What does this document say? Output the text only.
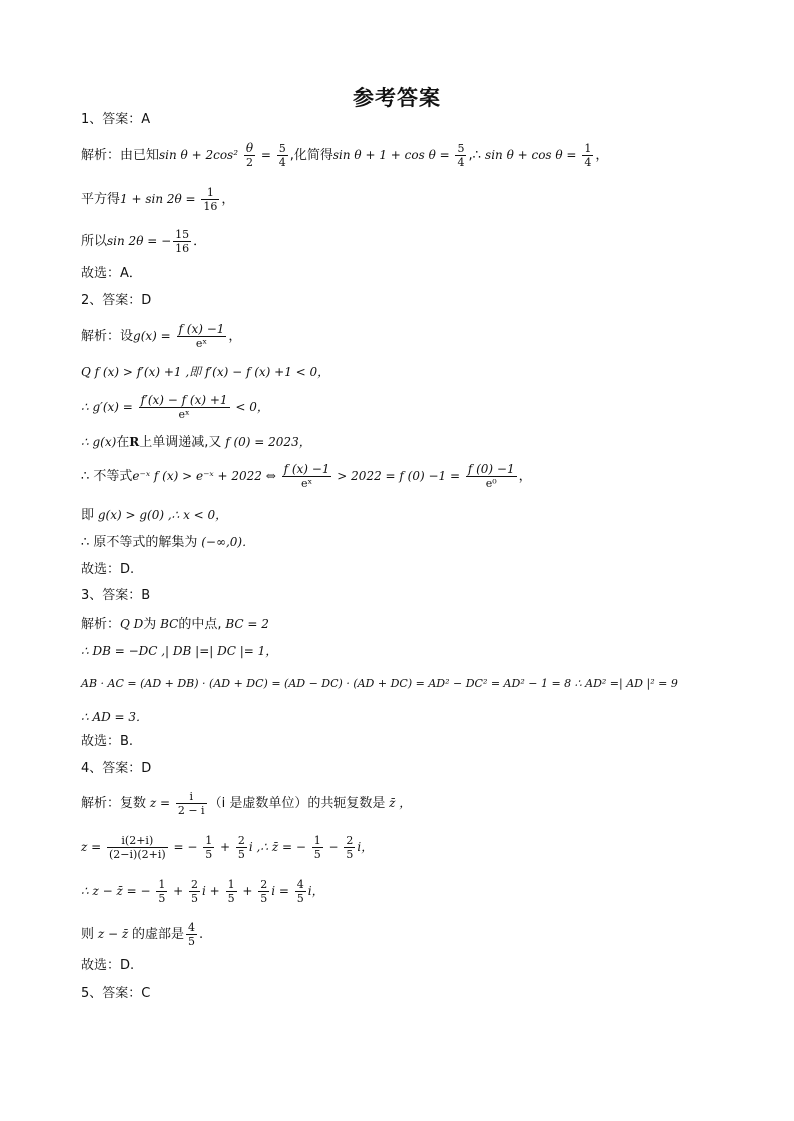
参考答案
1、答案：A
解析：由已知$\sin \theta + 2\cos^2 \frac{\theta}{2} = \frac{5}{4}$ ,化简得$\sin \theta + 1 + \cos \theta = \frac{5}{4}$ ,∴ $\sin \theta + \cos \theta = \frac{1}{4}$ ，
平方得$1 + \sin 2\theta = \frac{1}{16}$ ，
所以sin 2θ = − $\frac{15}{16}$ ．
故选：A．
2、答案：D
解析：设$g(x) = \frac{f (x) -1}{\text{eˣ}}$ ，
Q f (x) > f′(x) +1 ,即 f′(x) − f (x) +1 < 0，
∴ $g'(x) = \frac{f'(x) - f (x) +1}{\text{eˣ}} < 0$，
∴ g(x)在R上单调递减,又 f (0) = 2023，
∴ 不等式e⁻ˣ f (x) > e⁻ˣ + 2022 ⇔ $\frac{f (x) -1}{\text{eˣ}} > 2022 = f$ $(0) -1 = \frac{f (0) -1}{\text{e⁰}}$ ，
即 g(x) > g(0) ,∴ x < 0，
∴ 原不等式的解集为 (−∞,0)．
故选：D.
3、答案：B
解析：Q D为 BC的中点, BC = 2
∴ DB = −DC ,| DB |=| DC |= 1，
AB · AC = (AD + DB) · (AD + DC) = (AD − DC) · (AD + DC) = AD² − DC² = AD² − 1 = 8 ∴ AD² =| AD |² = 9
∴ AD = 3．
故选：B.
4、答案：D
解析：复数 $z = \frac{i}{2 - i} (i$ 是虚数单位）的共轭复数是 z̄ ，
$z = \frac{i(2+i)}{(2-i)(2+i)}$ = − $\frac{1}{5} + \frac{2}{5}$ i ,∴ z̄ = − $\frac{1}{5} - \frac{2}{5}$ i，
∴ z − z̄ = − $\frac{1}{5} + \frac{2}{5}$ $i + \frac{1}{5} + \frac{2}{5}$ $i = \frac{4}{5}$ i，
则 z − z̄ 的虚部是 $\frac{4}{5}$ .
故选：D.
5、答案：C
